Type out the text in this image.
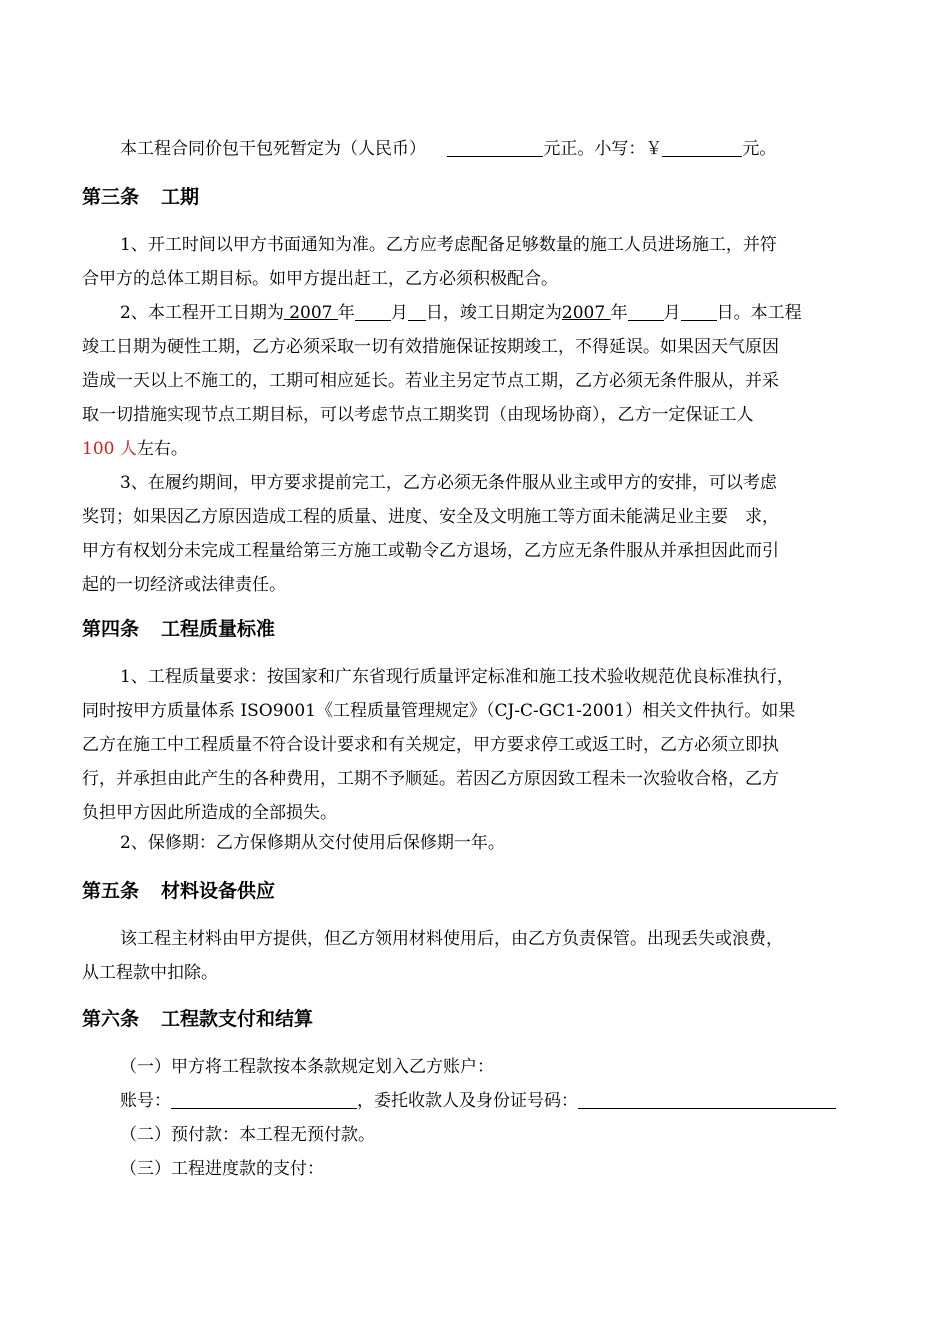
本工程合同价包干包死暂定为（人民币）	元正。小写：￥	元。
第三条 工期
1、开工时间以甲方书面通知为准。乙方应考虑配备足够数量的施工人员进场施工，并符
合甲方的总体工期目标。如甲方提出赶工，乙方必须积极配合。
2、本工程开工日期为 2007 年 月 日，竣工日期定为2007 年 月 日。本工程
竣工日期为硬性工期，乙方必须采取一切有效措施保证按期竣工，不得延误。如果因天气原因
造成一天以上不施工的，工期可相应延长。若业主另定节点工期，乙方必须无条件服从，并采
取一切措施实现节点工期目标，可以考虑节点工期奖罚（由现场协商），乙方一定保证工人
100 人左右。
3、在履约期间，甲方要求提前完工，乙方必须无条件服从业主或甲方的安排，可以考虑
奖罚；如果因乙方原因造成工程的质量、进度、安全及文明施工等方面未能满足业主要　求，
甲方有权划分未完成工程量给第三方施工或勒令乙方退场，乙方应无条件服从并承担因此而引
起的一切经济或法律责任。
第四条 工程质量标准
1、工程质量要求：按国家和广东省现行质量评定标准和施工技术验收规范优良标准执行，
同时按甲方质量体系 ISO9001《工程质量管理规定》（CJ-C-GC1-2001）相关文件执行。如果
乙方在施工中工程质量不符合设计要求和有关规定，甲方要求停工或返工时，乙方必须立即执
行，并承担由此产生的各种费用，工期不予顺延。若因乙方原因致工程未一次验收合格，乙方
负担甲方因此所造成的全部损失。
2、保修期：乙方保修期从交付使用后保修期一年。
第五条 材料设备供应
该工程主材料由甲方提供，但乙方领用材料使用后，由乙方负责保管。出现丢失或浪费，
从工程款中扣除。
第六条 工程款支付和结算
（一）甲方将工程款按本条款规定划入乙方账户：
账号：	，委托收款人及身份证号码：
（二）预付款：本工程无预付款。
（三）工程进度款的支付：
